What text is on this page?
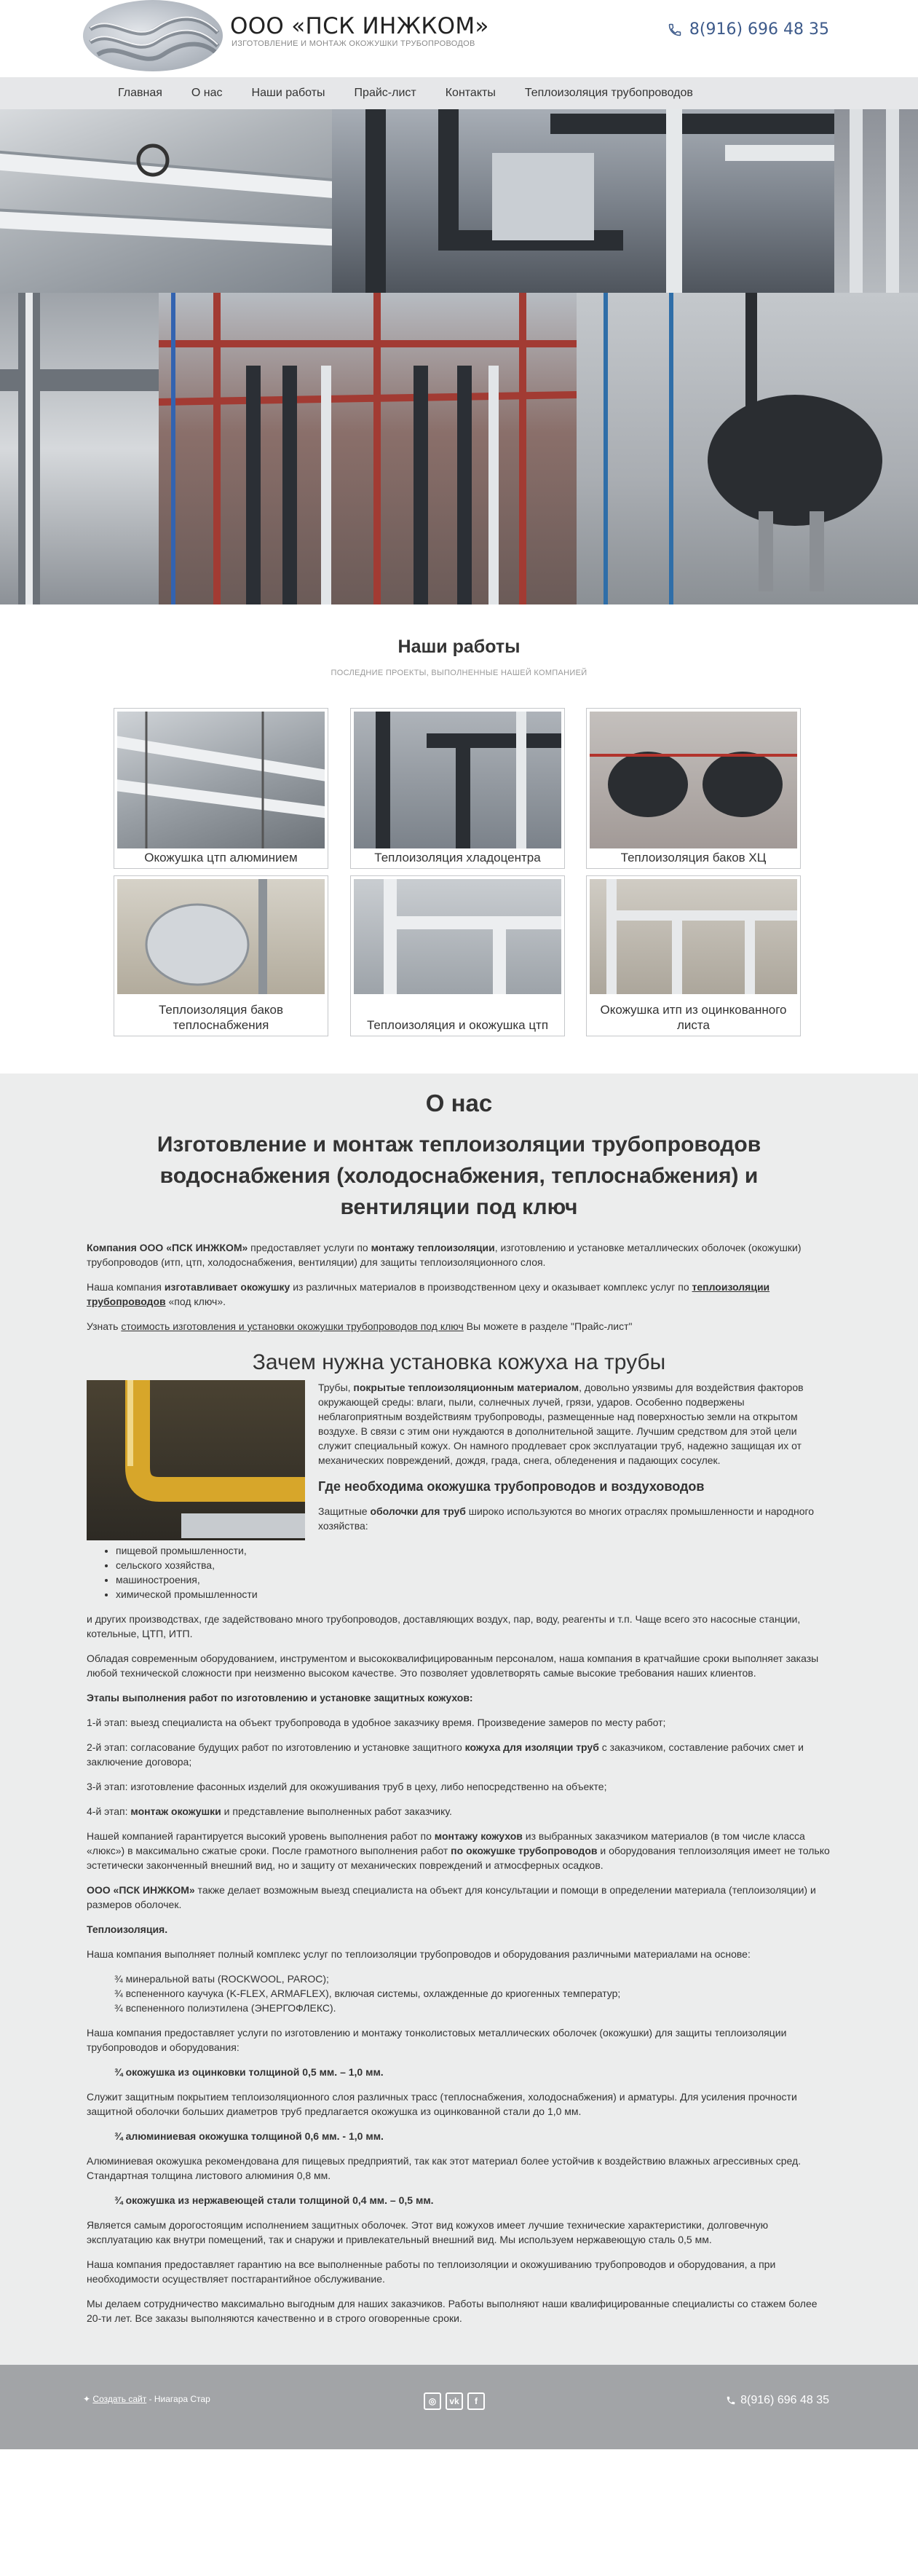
ООО «ПСК ИНЖКОМ»
ИЗГОТОВЛЕНИЕ И МОНТАЖ ОКОЖУШКИ ТРУБОПРОВОДОВ
8(916) 696 48 35
Главная	О нас	Наши работы	Прайс-лист	Контакты	Теплоизоляция трубопроводов
Наши работы
ПОСЛЕДНИЕ ПРОЕКТЫ, ВЫПОЛНЕННЫЕ НАШЕЙ КОМПАНИЕЙ
Окожушка цтп алюминием	Теплоизоляция хладоцентра	Теплоизоляция баков ХЦ
Теплоизоляция баков теплоснабжения	Теплоизоляция и окожушка цтп
Окожушка итп из оцинкованного листа
О нас
Изготовление и монтаж теплоизоляции трубопроводов водоснабжения (холодоснабжения, теплоснабжения) и вентиляции под ключ

Компания ООО «ПСК ИНЖКОМ» предоставляет услуги по монтажу теплоизоляции, изготовлению и установке металлических оболочек (окожушки) трубопроводов (итп, цтп, холодоснабжения, вентиляции) для защиты теплоизоляционного слоя.

Наша компания изготавливает окожушку из различных материалов в производственном цеху и оказывает комплекс услуг по теплоизоляции трубопроводов «под ключ».

Узнать стоимость изготовления и установки окожушки трубопроводов под ключ Вы можете в разделе "Прайс-лист"

Зачем нужна установка кожуха на трубы

Трубы, покрытые теплоизоляционным материалом, довольно уязвимы для воздействия факторов окружающей среды: влаги, пыли, солнечных лучей, грязи, ударов. Особенно подвержены неблагоприятным воздействиям трубопроводы, размещенные над поверхностью земли на открытом воздухе. В связи с этим они нуждаются в дополнительной защите. Лучшим средством для этой цели служит специальный кожух. Он намного продлевает срок эксплуатации труб, надежно защищая их от механических повреждений, дождя, града, снега, обледенения и падающих сосулек.

Где необходима окожушка трубопроводов и воздуховодов

Защитные оболочки для труб широко используются во многих отраслях промышленности и народного хозяйства:

• пищевой промышленности,
• сельского хозяйства,
• машиностроения,
• химической промышленности

и других производствах, где задействовано много трубопроводов, доставляющих воздух, пар, воду, реагенты и т.п. Чаще всего это насосные станции, котельные, ЦТП, ИТП.

Обладая современным оборудованием, инструментом и высококвалифицированным персоналом, наша компания в кратчайшие сроки выполняет заказы любой технической сложности при неизменно высоком качестве. Это позволяет удовлетворять самые высокие требования наших клиентов.

Этапы выполнения работ по изготовлению и установке защитных кожухов:

1-й этап: выезд специалиста на объект трубопровода в удобное заказчику время. Произведение замеров по месту работ;

2-й этап: согласование будущих работ по изготовлению и установке защитного кожуха для изоляции труб с заказчиком, составление рабочих смет и заключение договора;

3-й этап: изготовление фасонных изделий для окожушивания труб в цеху, либо непосредственно на объекте;

4-й этап: монтаж окожушки и представление выполненных работ заказчику.

Нашей компанией гарантируется высокий уровень выполнения работ по монтажу кожухов из выбранных заказчиком материалов (в том числе класса «люкс») в максимально сжатые сроки. После грамотного выполнения работ по окожушке трубопроводов и оборудования теплоизоляция имеет не только эстетически законченный внешний вид, но и защиту от механических повреждений и атмосферных осадков.

ООО «ПСК ИНЖКОМ» также делает возможным выезд специалиста на объект для консультации и помощи в определении материала (теплоизоляции) и размеров оболочек.

Теплоизоляция.

Наша компания выполняет полный комплекс услуг по теплоизоляции трубопроводов и оборудования различными материалами на основе:

¾ минеральной ваты (ROCKWOOL, PAROC);
¾ вспененного каучука (K-FLEX, ARMAFLEX), включая системы, охлажденные до криогенных температур;
¾ вспененного полиэтилена (ЭНЕРГОФЛЕКС).

Наша компания предоставляет услуги по изготовлению и монтажу тонколистовых металлических оболочек (окожушки) для защиты теплоизоляции трубопроводов и оборудования:

¾ окожушка из оцинковки толщиной 0,5 мм. – 1,0 мм.

Служит защитным покрытием теплоизоляционного слоя различных трасс (теплоснабжения, холодоснабжения) и арматуры. Для усиления прочности защитной оболочки больших диаметров труб предлагается окожушка из оцинкованной стали до 1,0 мм.

¾ алюминиевая окожушка толщиной 0,6 мм. - 1,0 мм.

Алюминиевая окожушка рекомендована для пищевых предприятий, так как этот материал более устойчив к воздействию влажных агрессивных сред. Стандартная толщина листового алюминия 0,8 мм.

¾ окожушка из нержавеющей стали толщиной 0,4 мм. – 0,5 мм.

Является самым дорогостоящим исполнением защитных оболочек. Этот вид кожухов имеет лучшие технические характеристики, долговечную эксплуатацию как внутри помещений, так и снаружи и привлекательный внешний вид. Мы используем нержавеющую сталь 0,5 мм.

Наша компания предоставляет гарантию на все выполненные работы по теплоизоляции и окожушиванию трубопроводов и оборудования, а при необходимости осуществляет постгарантийное обслуживание.

Мы делаем сотрудничество максимально выгодным для наших заказчиков. Работы выполняют наши квалифицированные специалисты со стажем более 20-ти лет. Все заказы выполняются качественно и в строго оговоренные сроки.

✦ Создать сайт - Ниагара Стар	◎	vk	f	8(916) 696 48 35
